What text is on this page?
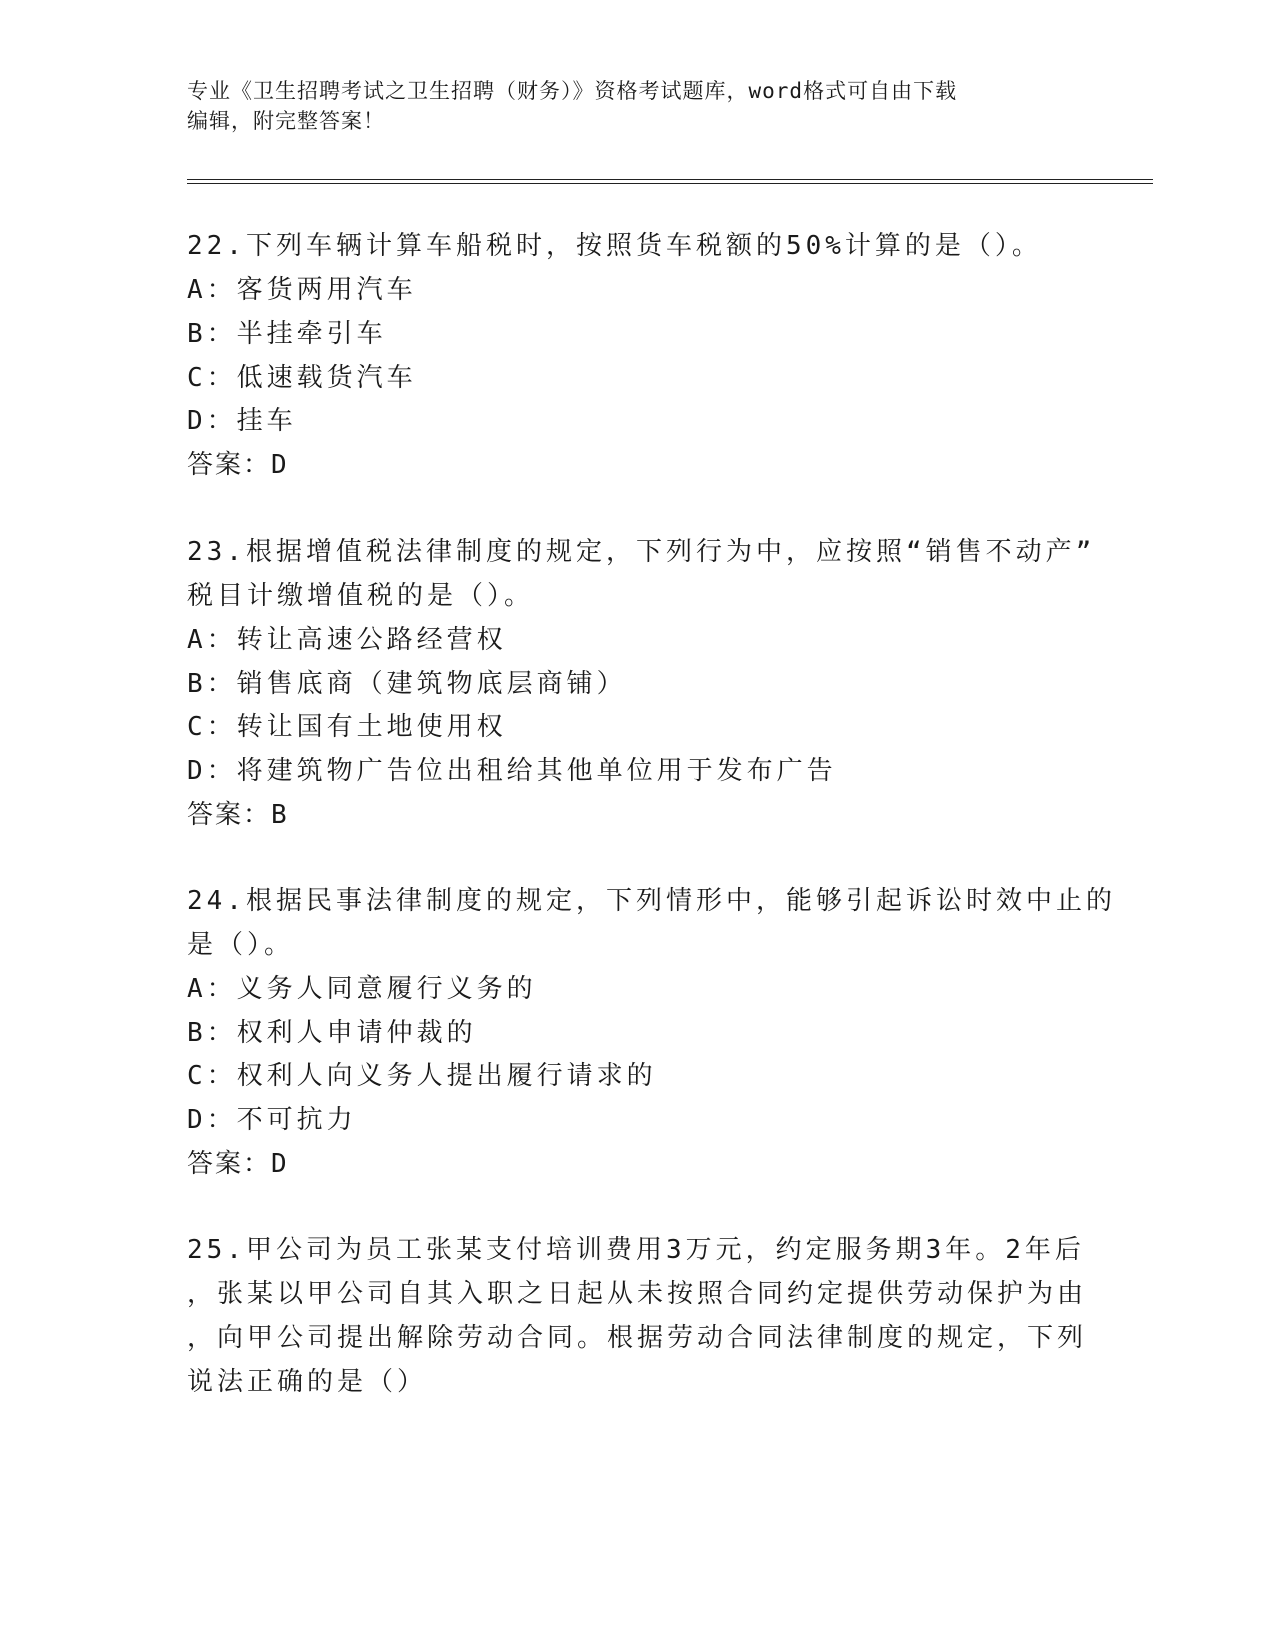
专业《卫生招聘考试之卫生招聘（财务）》资格考试题库，word格式可自由下载
编辑，附完整答案！
22.下列车辆计算车船税时，按照货车税额的50%计算的是（）。
A：客货两用汽车
B：半挂牵引车
C：低速载货汽车
D：挂车
答案：D
23.根据增值税法律制度的规定，下列行为中，应按照“销售不动产”
税目计缴增值税的是（）。
A：转让高速公路经营权
B：销售底商（建筑物底层商铺）
C：转让国有土地使用权
D：将建筑物广告位出租给其他单位用于发布广告
答案：B
24.根据民事法律制度的规定，下列情形中，能够引起诉讼时效中止的
是（）。
A：义务人同意履行义务的
B：权利人申请仲裁的
C：权利人向义务人提出履行请求的
D：不可抗力
答案：D
25.甲公司为员工张某支付培训费用3万元，约定服务期3年。2年后
，张某以甲公司自其入职之日起从未按照合同约定提供劳动保护为由
，向甲公司提出解除劳动合同。根据劳动合同法律制度的规定，下列
说法正确的是（）
